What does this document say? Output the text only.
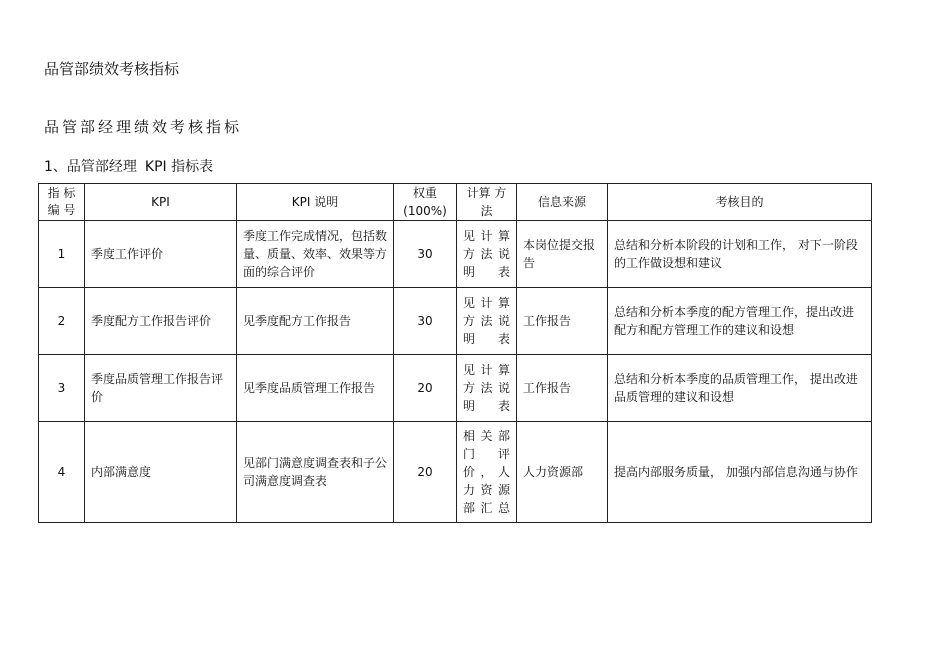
品管部绩效考核指标
品管部经理绩效考核指标
1、品管部经理 KPI 指标表
指 标 编 号	KPI	KPI 说明	权重 (100%)	计算 方法	信息来源	考核目的
1	季度工作评价	季度工作完成情况，包括数量、质量、效率、效果等方面的综合评价	30	见计算方法说明表	本岗位提交报告	总结和分析本阶段的计划和工作， 对下一阶段的工作做设想和建议
2	季度配方工作报告评价	见季度配方工作报告	30	见计算方法说明表	工作报告	总结和分析本季度的配方管理工作，提出改进配方和配方管理工作的建议和设想
3	季度品质管理工作报告评价	见季度品质管理工作报告	20	见计算方法说明表	工作报告	总结和分析本季度的品质管理工作， 提出改进品质管理的建议和设想
4	内部满意度	见部门满意度调查表和子公司满意度调查表	20	相关部门评价，人力资源部汇总	人力资源部	提高内部服务质量， 加强内部信息沟通与协作
